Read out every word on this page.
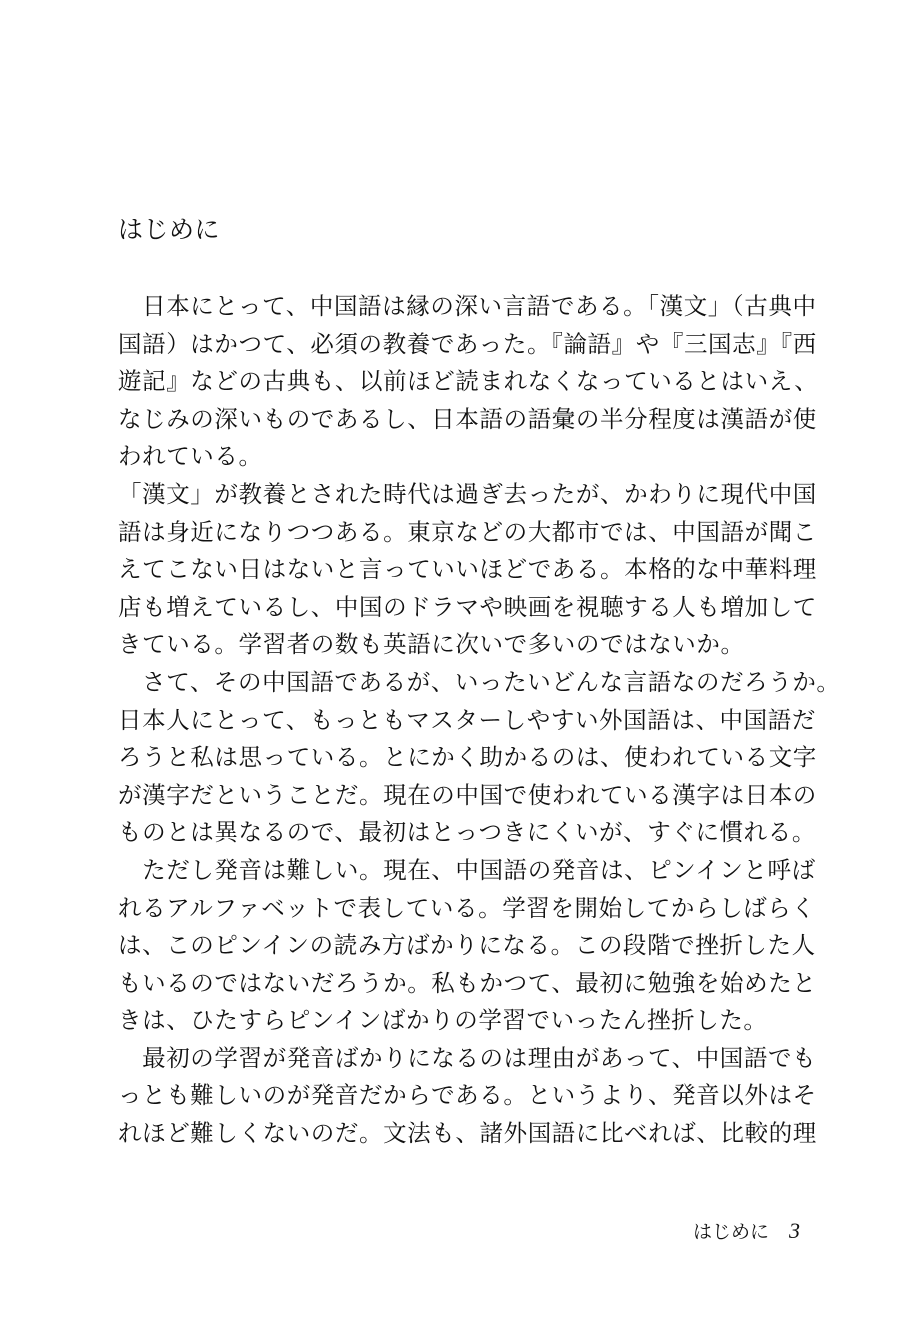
はじめに
　日本にとって、中国語は縁の深い言語である。「漢文」（古典中
国語）はかつて、必須の教養であった。『論語』や『三国志』『西
遊記』などの古典も、以前ほど読まれなくなっているとはいえ、
なじみの深いものであるし、日本語の語彙の半分程度は漢語が使
われている。
「漢文」が教養とされた時代は過ぎ去ったが、かわりに現代中国
語は身近になりつつある。東京などの大都市では、中国語が聞こ
えてこない日はないと言っていいほどである。本格的な中華料理
店も増えているし、中国のドラマや映画を視聴する人も増加して
きている。学習者の数も英語に次いで多いのではないか。
　さて、その中国語であるが、いったいどんな言語なのだろうか。
日本人にとって、もっともマスターしやすい外国語は、中国語だ
ろうと私は思っている。とにかく助かるのは、使われている文字
が漢字だということだ。現在の中国で使われている漢字は日本の
ものとは異なるので、最初はとっつきにくいが、すぐに慣れる。
　ただし発音は難しい。現在、中国語の発音は、ピンインと呼ば
れるアルファベットで表している。学習を開始してからしばらく
は、このピンインの読み方ばかりになる。この段階で挫折した人
もいるのではないだろうか。私もかつて、最初に勉強を始めたと
きは、ひたすらピンインばかりの学習でいったん挫折した。
　最初の学習が発音ばかりになるのは理由があって、中国語でも
っとも難しいのが発音だからである。というより、発音以外はそ
れほど難しくないのだ。文法も、諸外国語に比べれば、比較的理
はじめに 3
